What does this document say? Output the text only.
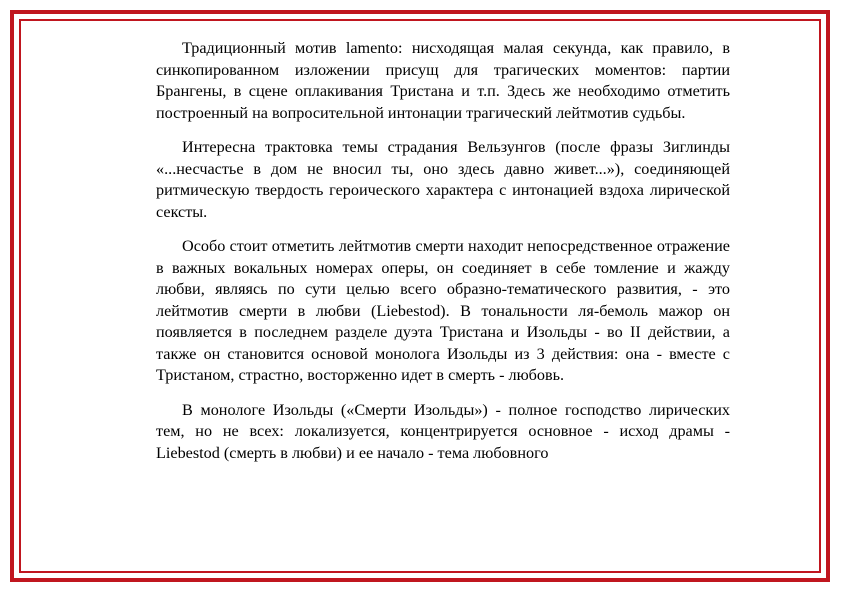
Традиционный мотив lamento: нисходящая малая секунда, как правило, в синкопированном изложении присущ для трагических моментов: партии Брангены, в сцене оплакивания Тристана и т.п. Здесь же необходимо отметить построенный на вопросительной интонации трагический лейтмотив судьбы.

Интересна трактовка темы страдания Вельзунгов (после фразы Зиглинды «...несчастье в дом не вносил ты, оно здесь давно живет...»), соединяющей ритмическую твердость героического характера с интонацией вздоха лирической сексты.

Особо стоит отметить лейтмотив смерти находит непосредственное отражение в важных вокальных номерах оперы, он соединяет в себе томление и жажду любви, являясь по сути целью всего образно-тематического развития, - это лейтмотив смерти в любви (Liebestod). В тональности ля-бемоль мажор он появляется в последнем разделе дуэта Тристана и Изольды - во II действии, а также он становится основой монолога Изольды из 3 действия: она - вместе с Тристаном, страстно, восторженно идет в смерть - любовь.

В монологе Изольды («Смерти Изольды») - полное господство лирических тем, но не всех: локализуется, концентрируется основное - исход драмы - Liebestod (смерть в любви) и ее начало - тема любовного
